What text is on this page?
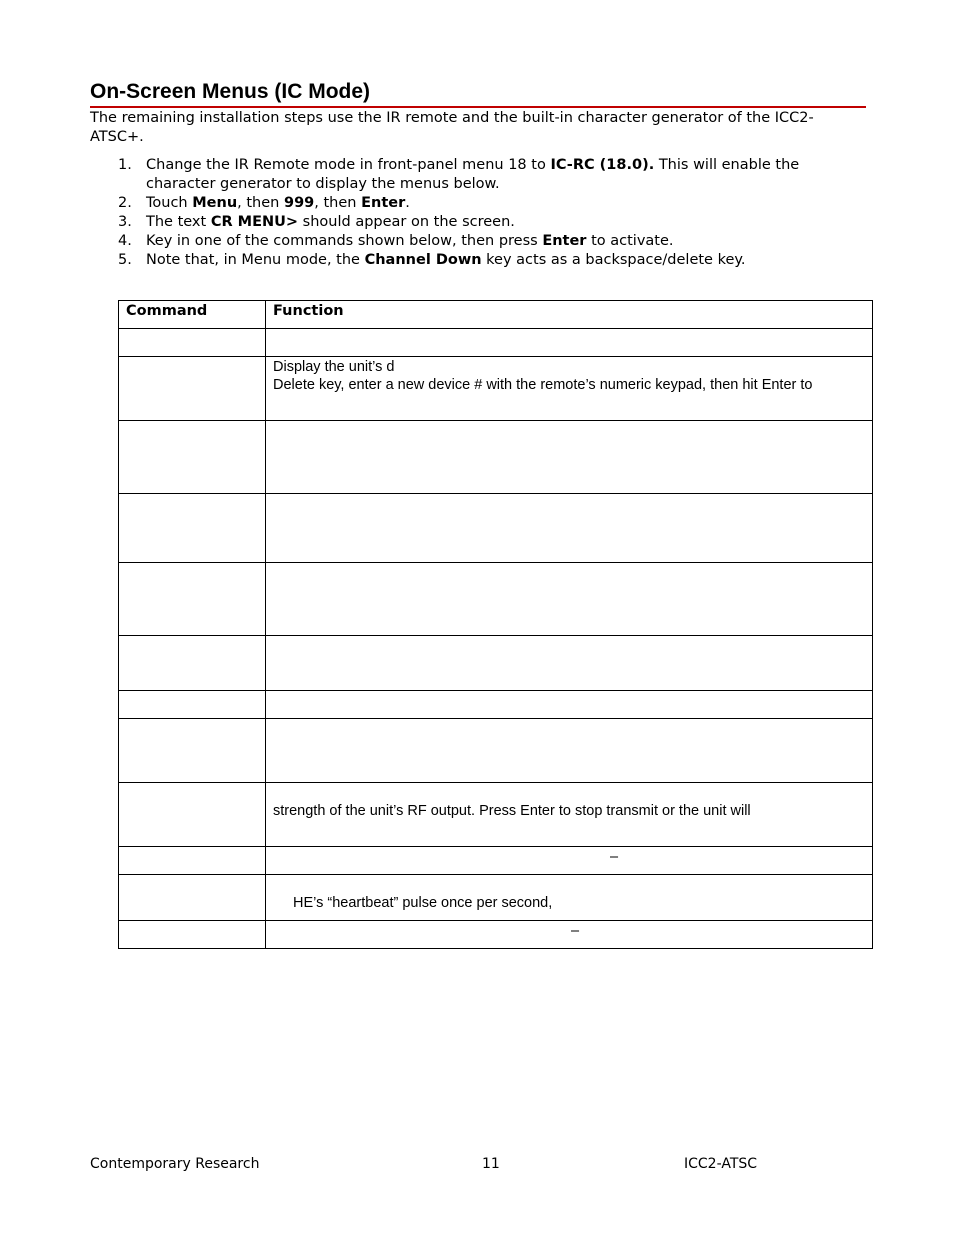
On-Screen Menus (IC Mode)
The remaining installation steps use the IR remote and the built-in character generator of the ICC2-ATSC+.
1. Change the IR Remote mode in front-panel menu 18 to IC-RC (18.0). This will enable the character generator to display the menus below.
2. Touch Menu, then 999, then Enter.
3. The text CR MENU> should appear on the screen.
4. Key in one of the commands shown below, then press Enter to activate.
5. Note that, in Menu mode, the Channel Down key acts as a backspace/delete key.
Command	Function

	Display the unit’s d
Delete key, enter a new device # with the remote’s numeric keypad, then hit Enter to

	strength of the unit’s RF output. Press Enter to stop transmit or the unit will

	–

	HE’s “heartbeat” pulse once per second,

	–
Contemporary Research	11	ICC2-ATSC
